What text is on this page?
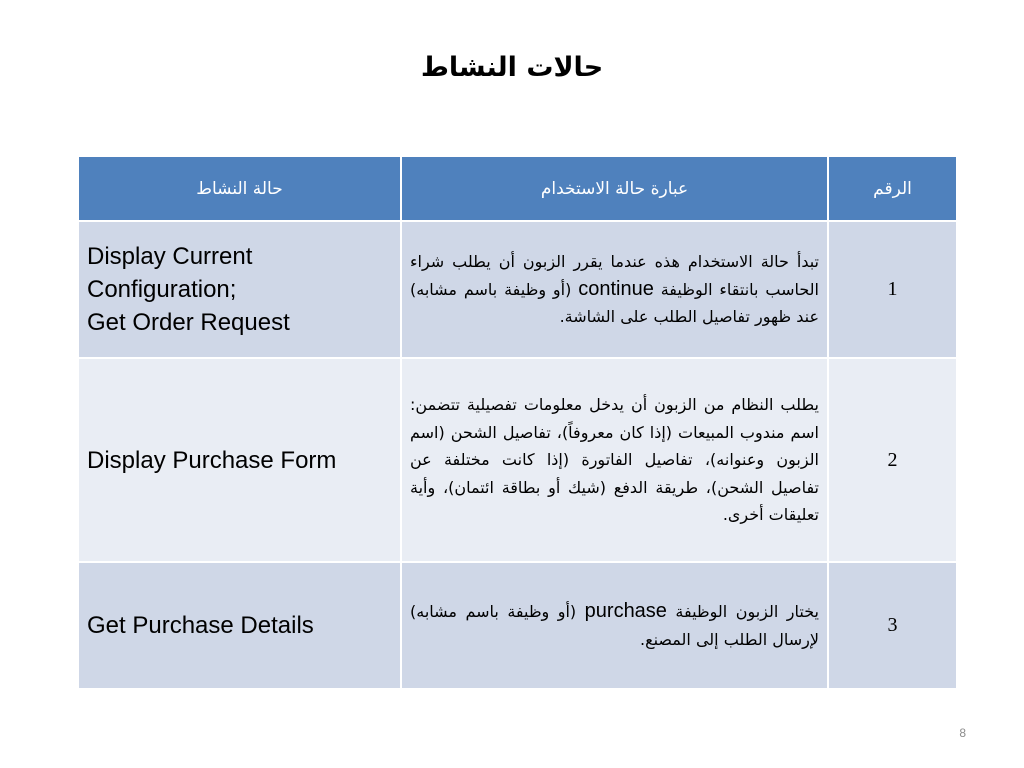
حالات النشاط
حالة النشاط	عبارة حالة الاستخدام	الرقم

Display Current
Configuration;
Get Order Request	تبدأ حالة الاستخدام هذه عندما يقرر الزبون أن يطلب شراء الحاسب بانتقاء الوظيفة continue (أو وظيفة باسم مشابه) عند ظهور تفاصيل الطلب على الشاشة.	1

Display Purchase Form	يطلب النظام من الزبون أن يدخل معلومات تفصيلية تتضمن: اسم مندوب المبيعات (إذا كان معروفاً)، تفاصيل الشحن (اسم الزبون وعنوانه)، تفاصيل الفاتورة (إذا كانت مختلفة عن تفاصيل الشحن)، طريقة الدفع (شيك أو بطاقة ائتمان)، وأية تعليقات أخرى.	2

Get Purchase Details	يختار الزبون الوظيفة purchase (أو وظيفة باسم مشابه) لإرسال الطلب إلى المصنع.	3
8
